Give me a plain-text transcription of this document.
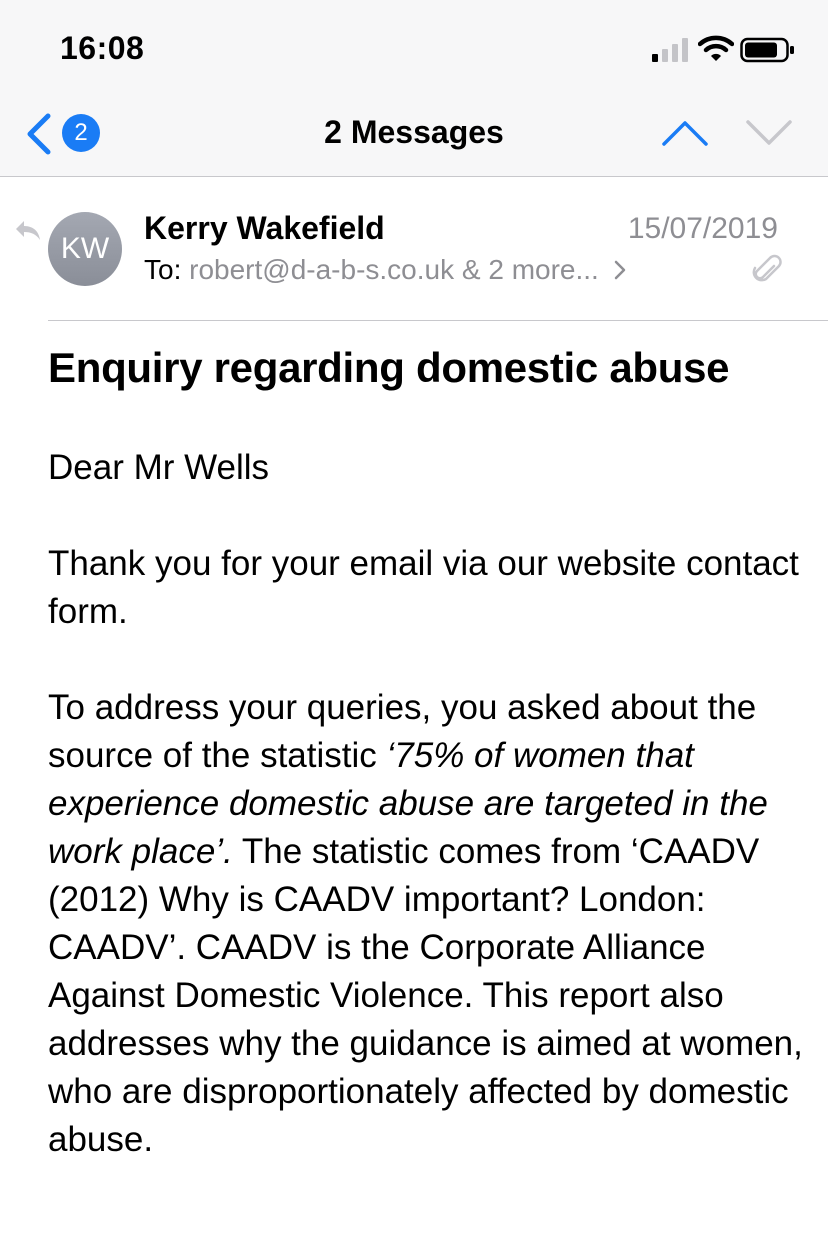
16:08
2	2 Messages
KW
Kerry Wakefield	15/07/2019
To: robert@d-a-b-s.co.uk & 2 more...
Enquiry regarding domestic abuse

Dear Mr Wells

Thank you for your email via our website contact form.

To address your queries, you asked about the source of the statistic ‘75% of women that experience domestic abuse are targeted in the work place’. The statistic comes from ‘CAADV (2012) Why is CAADV important? London: CAADV’. CAADV is the Corporate Alliance Against Domestic Violence. This report also addresses why the guidance is aimed at women, who are disproportionately affected by domestic abuse.
